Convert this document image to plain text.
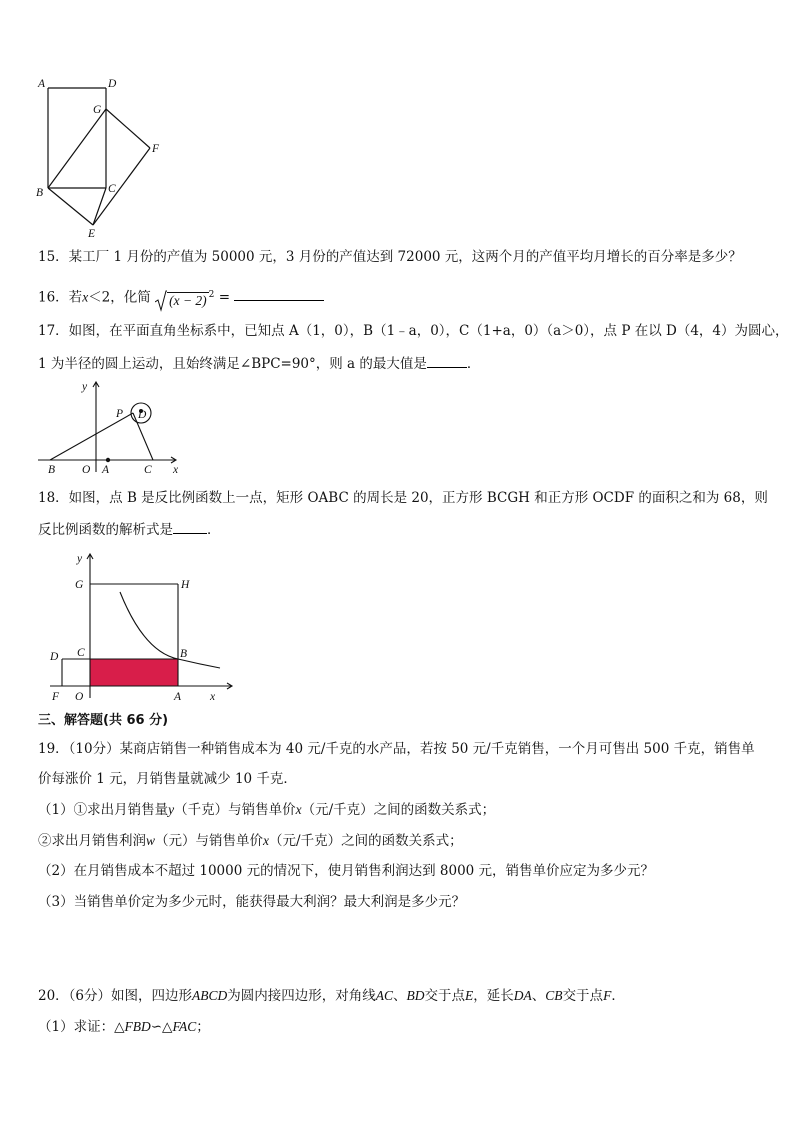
A	D
G
F
B	C
E
15．某工厂 1 月份的产值为 50000 元，3 月份的产值达到 72000 元，这两个月的产值平均月增长的百分率是多少？
16．若x＜2，化简 (x − 2) $^2$ =
17．如图，在平面直角坐标系中，已知点 A（1，0），B（1﹣a，0），C（1+a，0）（a＞0），点 P 在以 D（4，4）为圆心，
1 为半径的圆上运动，且始终满足∠BPC=90°，则 a 的最大值是	．
y
P D
B O A	C x
18．如图，点 B 是反比例函数上一点，矩形 OABC 的周长是 20，正方形 BCGH 和正方形 OCDF 的面积之和为 68，则
反比例函数的解析式是	．
y
G	H
D C	B
F O	A	x
三、解答题(共 66 分)
19．（10分）某商店销售一种销售成本为 40 元/千克的水产品，若按 50 元/千克销售，一个月可售出 500 千克，销售单
价每涨价 1 元，月销售量就减少 10 千克．
（1）①求出月销售量y（千克）与销售单价x（元/千克）之间的函数关系式；
②求出月销售利润w（元）与销售单价x（元/千克）之间的函数关系式；
（2）在月销售成本不超过 10000 元的情况下，使月销售利润达到 8000 元，销售单价应定为多少元？
（3）当销售单价定为多少元时，能获得最大利润？最大利润是多少元？
20．（6分）如图，四边形ABCD为圆内接四边形，对角线AC、BD交于点E，延长DA、CB交于点F．
（1）求证：△FBD∽△FAC；
